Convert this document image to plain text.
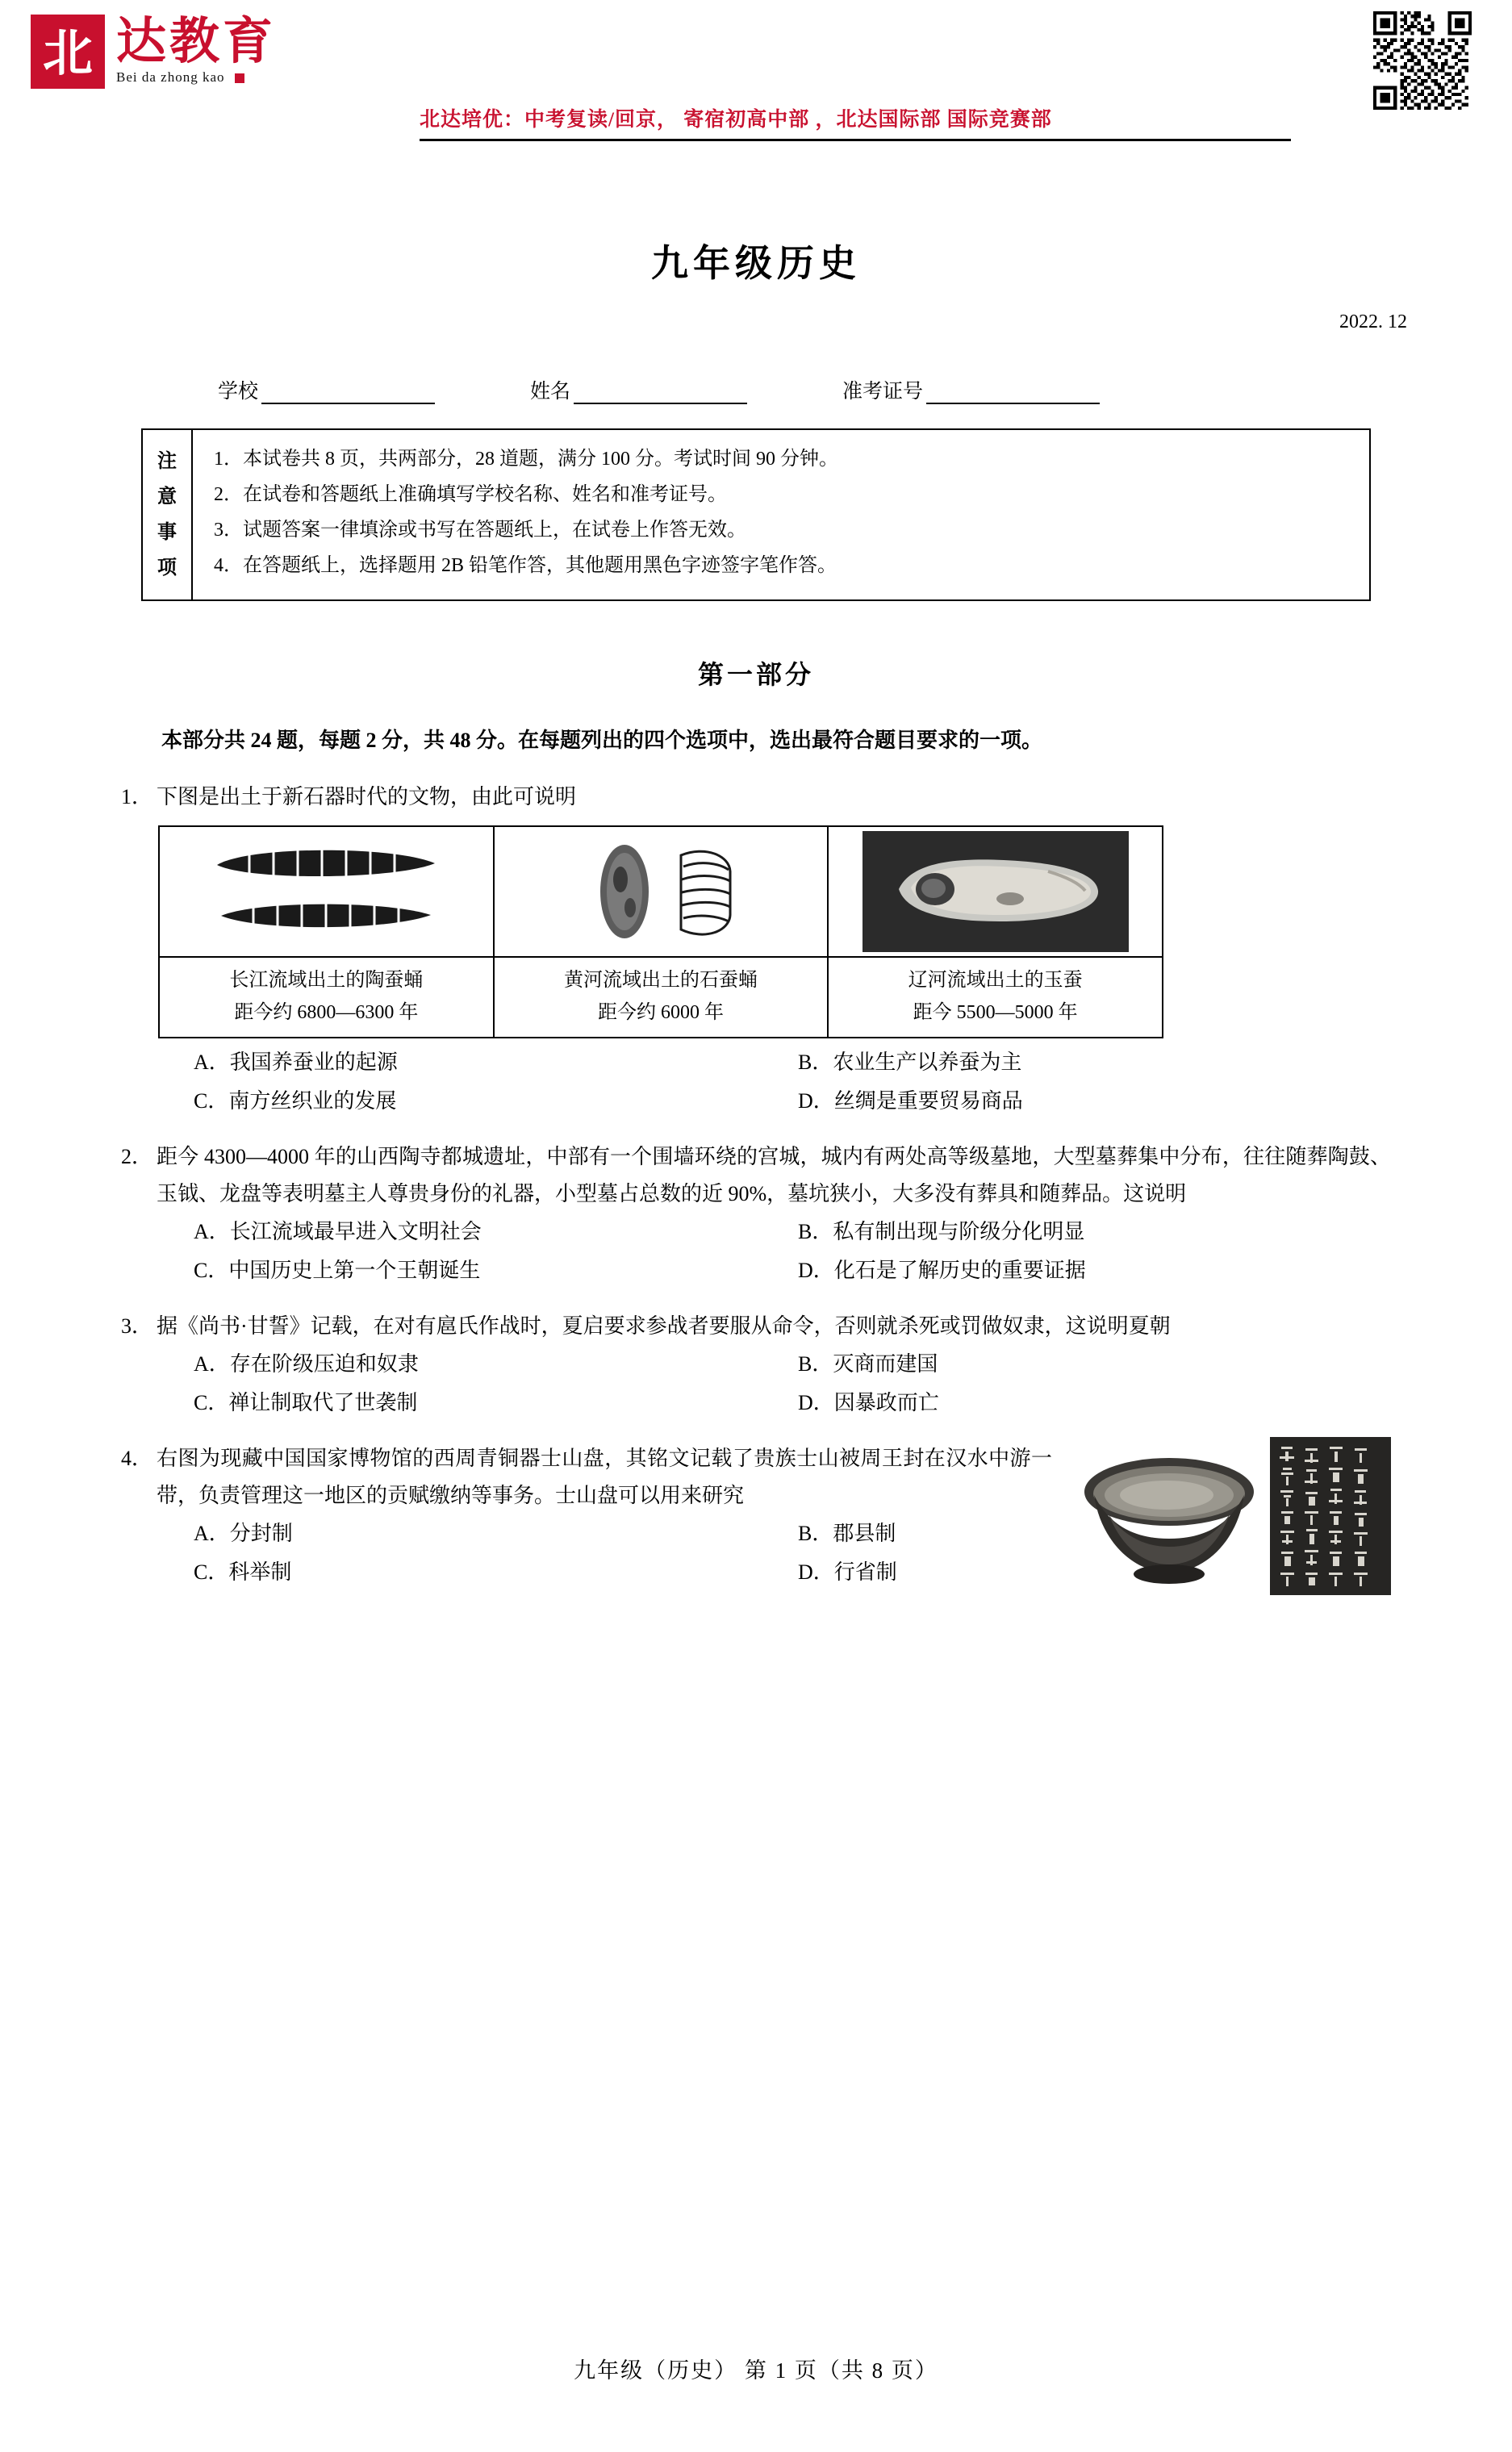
北 达教育
Bei da zhong kao
北达培优：中考复读/回京， 寄宿初高中部 ，北达国际部 国际竞赛部
九年级历史
2022. 12
学校	姓名	准考证号
注
意
事
项
1．本试卷共 8 页，共两部分，28 道题，满分 100 分。考试时间 90 分钟。
2．在试卷和答题纸上准确填写学校名称、姓名和准考证号。
3．试题答案一律填涂或书写在答题纸上，在试卷上作答无效。
4．在答题纸上，选择题用 2B 铅笔作答，其他题用黑色字迹签字笔作答。
第一部分
本部分共 24 题，每题 2 分，共 48 分。在每题列出的四个选项中，选出最符合题目要求的一项。
1． 下图是出土于新石器时代的文物，由此可说明

长江流域出土的陶蚕蛹
距今约 6800—6300 年

黄河流域出土的石蚕蛹
距今约 6000 年

辽河流域出土的玉蚕
距今 5500—5000 年
A．我国养蚕业的起源	B．农业生产以养蚕为主
C．南方丝织业的发展	D．丝绸是重要贸易商品
2． 距今 4300—4000 年的山西陶寺都城遗址，中部有一个围墙环绕的宫城，城内有两处高等级墓地，大型墓葬集中分布，往往随葬陶鼓、玉钺、龙盘等表明墓主人尊贵身份的礼器，小型墓占总数的近 90%，墓坑狭小，大多没有葬具和随葬品。这说明
A．长江流域最早进入文明社会	B．私有制出现与阶级分化明显
C．中国历史上第一个王朝诞生	D．化石是了解历史的重要证据
3． 据《尚书·甘誓》记载，在对有扈氏作战时，夏启要求参战者要服从命令，否则就杀死或罚做奴隶，这说明夏朝
A．存在阶级压迫和奴隶	B．灭商而建国
C．禅让制取代了世袭制	D．因暴政而亡
4． 右图为现藏中国国家博物馆的西周青铜器士山盘，其铭文记载了贵族士山被周王封在汉水中游一带，负责管理这一地区的贡赋缴纳等事务。士山盘可以用来研究
A．分封制	B．郡县制
C．科举制	D．行省制
九年级（历史） 第 1 页（共 8 页）
